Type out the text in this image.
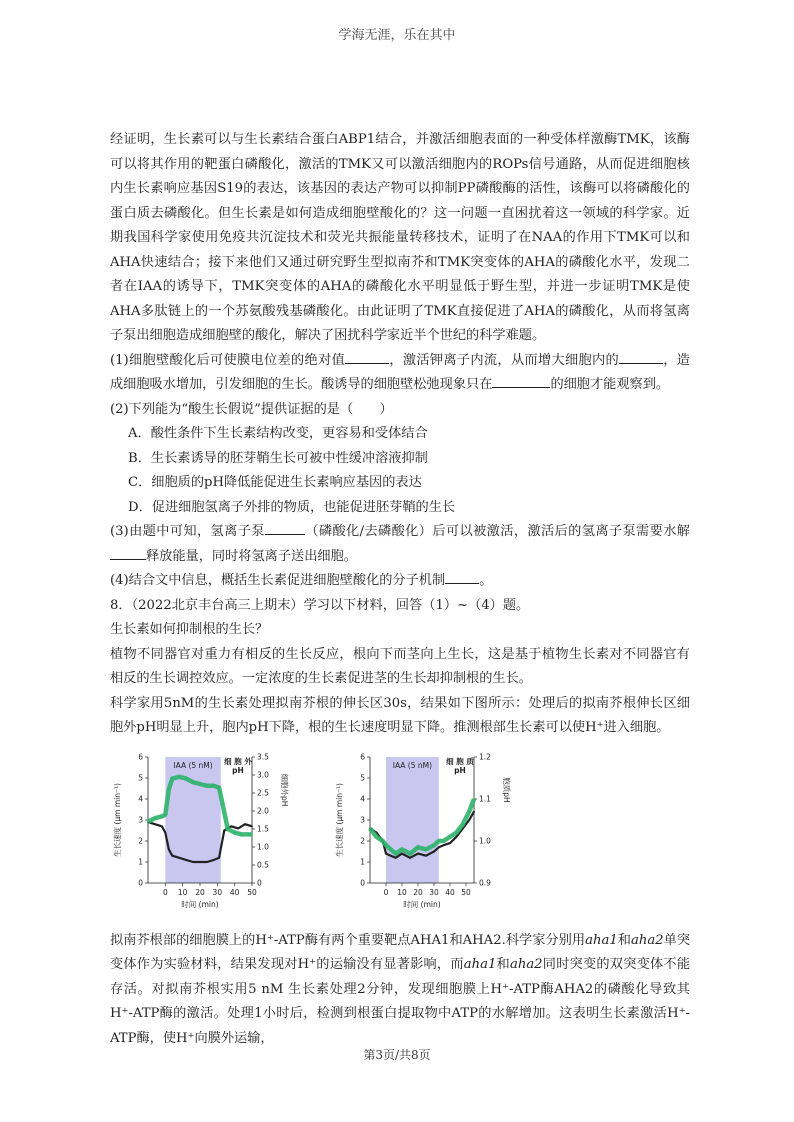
学海无涯，乐在其中

经证明，生长素可以与生长素结合蛋白ABP1结合，并激活细胞表面的一种受体样激酶TMK，该酶可以将其作用的靶蛋白磷酸化，激活的TMK又可以激活细胞内的ROPs信号通路，从而促进细胞核内生长素响应基因S19的表达，该基因的表达产物可以抑制PP磷酸酶的活性，该酶可以将磷酸化的蛋白质去磷酸化。但生长素是如何造成细胞壁酸化的？这一问题一直困扰着这一领域的科学家。近期我国科学家使用免疫共沉淀技术和荧光共振能量转移技术，证明了在NAA的作用下TMK可以和AHA快速结合；接下来他们又通过研究野生型拟南芥和TMK突变体的AHA的磷酸化水平，发现二者在IAA的诱导下，TMK突变体的AHA的磷酸化水平明显低于野生型，并进一步证明TMK是使AHA多肽链上的一个苏氨酸残基磷酸化。由此证明了TMK直接促进了AHA的磷酸化，从而将氢离子泵出细胞造成细胞壁的酸化，解决了困扰科学家近半个世纪的科学难题。

(1)细胞壁酸化后可使膜电位差的绝对值	，激活钾离子内流，从而增大细胞内的	，造成细胞吸水增加，引发细胞的生长。酸诱导的细胞壁松弛现象只在	的细胞才能观察到。

(2)下列能为“酸生长假说”提供证据的是（　　）

A．酸性条件下生长素结构改变，更容易和受体结合

B．生长素诱导的胚芽鞘生长可被中性缓冲溶液抑制

C．细胞质的pH降低能促进生长素响应基因的表达

D．促进细胞氢离子外排的物质，也能促进胚芽鞘的生长

(3)由题中可知，氢离子泵	（磷酸化/去磷酸化）后可以被激活，激活后的氢离子泵需要水解释放能量，同时将氢离子送出细胞。

(4)结合文中信息，概括生长素促进细胞壁酸化的分子机制	。

8．（2022北京丰台高三上期末）学习以下材料，回答（1）~（4）题。

生长素如何抑制根的生长？

植物不同器官对重力有相反的生长反应，根向下而茎向上生长，这是基于植物生长素对不同器官有相反的生长调控效应。一定浓度的生长素促进茎的生长却抑制根的生长。

科学家用5nM的生长素处理拟南芥根的伸长区30s，结果如下图所示：处理后的拟南芥根伸长区细胞外pH明显上升，胞内pH下降，根的生长速度明显下降。推测根部生长素可以使H⁺进入细胞。

IAA (5 nM)
0
1
2
3
4
5
6
0
0.5
1.0
1.5
2.0
2.5
3.0
3.5
0 10 20 30 40 50
时间 (min)
生长速度 (μm min⁻¹)	细胞外pH
细 胞 外
pH
IAA (5 nM)
0
1
2
3
4
5
6
0.9
1.0
1.1
1.2
0 10 20 30 40 50
时间 (min)
生长速度 (μm min⁻¹)	胞质pH
细 胞 质
pH

拟南芥根部的细胞膜上的H⁺-ATP酶有两个重要靶点AHA1和AHA2.科学家分别用aha1和aha2单突变体作为实验材料，结果发现对H⁺的运输没有显著影响，而aha1和aha2同时突变的双突变体不能存活。对拟南芥根实用5 nM 生长素处理2分钟，发现细胞膜上H⁺-ATP酶AHA2的磷酸化导致其H⁺-ATP酶的激活。处理1小时后，检测到根蛋白提取物中ATP的水解增加。这表明生长素激活H⁺-ATP酶，使H⁺向膜外运输，

第3页/共8页
